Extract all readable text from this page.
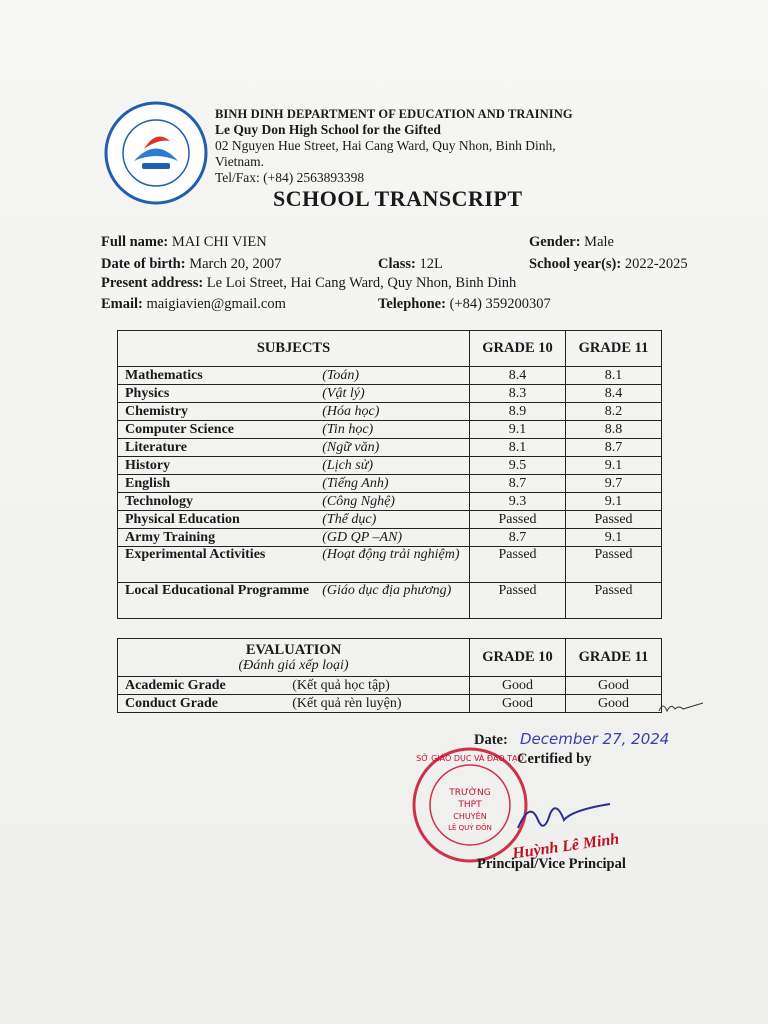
BINH DINH DEPARTMENT OF EDUCATION AND TRAINING
Le Quy Don High School for the Gifted
02 Nguyen Hue Street, Hai Cang Ward, Quy Nhon, Binh Dinh,
Vietnam.
Tel/Fax: (+84) 2563893398
SCHOOL TRANSCRIPT
Full name: MAI CHI VIEN	Gender: Male
Date of birth: March 20, 2007	Class: 12L	School year(s): 2022-2025
Present address: Le Loi Street, Hai Cang Ward, Quy Nhon, Binh Dinh
Email: maigiavien@gmail.com	Telephone: (+84) 359200307
SUBJECTS		GRADE 10	GRADE 11
Mathematics	(Toán)	8.4	8.1
Physics	(Vật lý)	8.3	8.4
Chemistry	(Hóa học)	8.9	8.2
Computer Science	(Tin học)	9.1	8.8
Literature	(Ngữ văn)	8.1	8.7
History	(Lịch sử)	9.5	9.1
English	(Tiếng Anh)	8.7	9.7
Technology	(Công Nghệ)	9.3	9.1
Physical Education	(Thể dục)	Passed	Passed
Army Training	(GD QP –AN)	8.7	9.1
Experimental Activities	(Hoạt động trải nghiệm)	Passed	Passed
Local Educational Programme	(Giáo dục địa phương)	Passed	Passed
EVALUATION
(Đánh giá xếp loại)		GRADE 10	GRADE 11
Academic Grade	(Kết quả học tập)	Good	Good
Conduct Grade	(Kết quả rèn luyện)	Good	Good
Date: December 27, 2024
Certified by
TRƯỜNG
THPT
CHUYÊN
LÊ QUÝ ĐÔN
SỞ GIÁO DỤC VÀ ĐÀO TẠO
Huỳnh Lê Minh
Principal/Vice Principal
